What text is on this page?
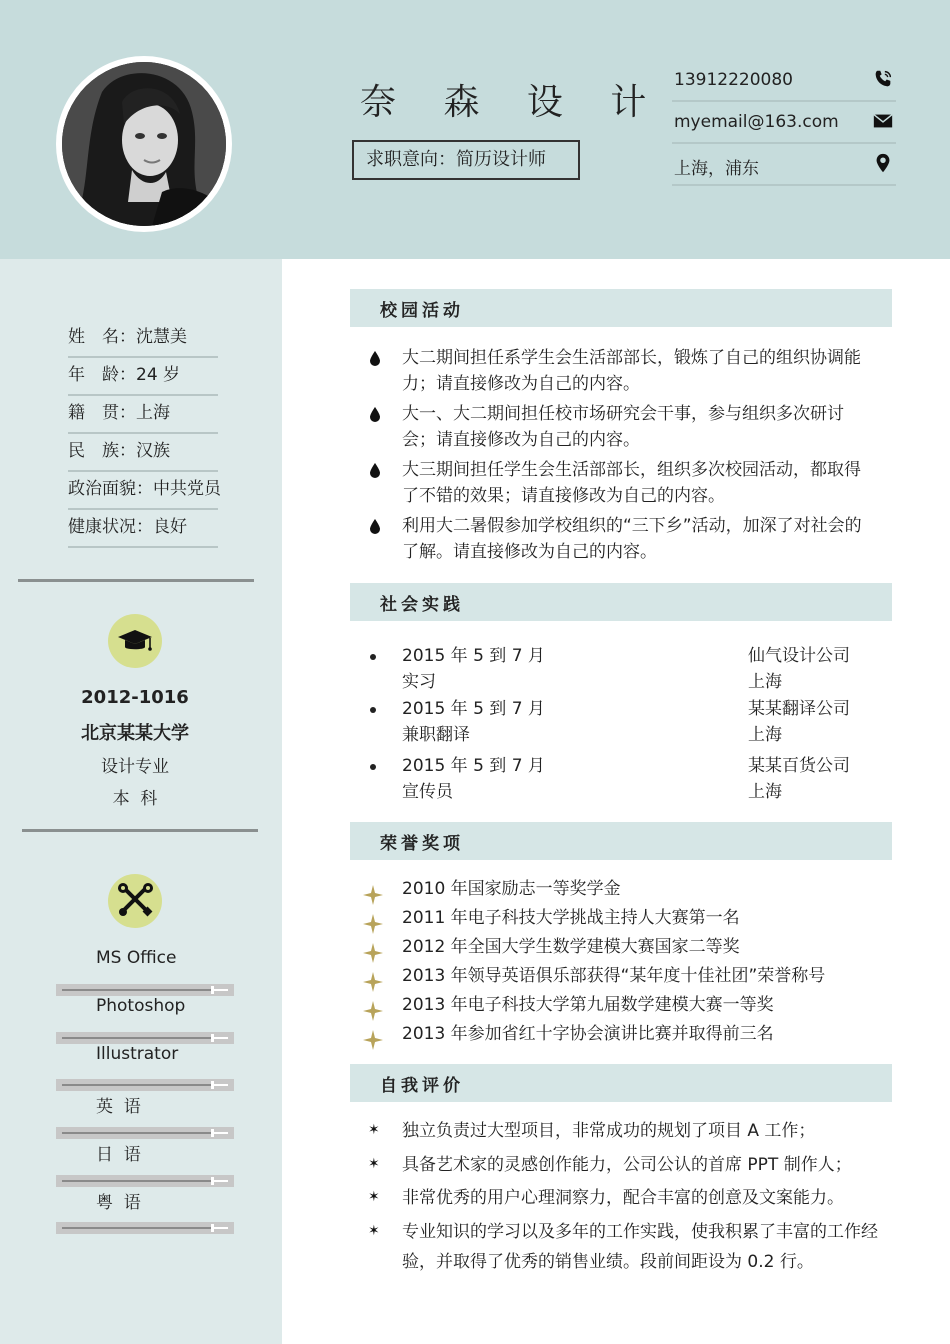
奈 森 设 计
求职意向：简历设计师
13912220080
myemail@163.com
上海，浦东
姓　名：沈慧美
年　龄：24 岁
籍　贯：上海
民　族：汉族
政治面貌：中共党员
健康状况：良好
2012-1016
北京某某大学
设计专业
本  科
MS Office
Photoshop
Illustrator
英  语
日  语
粤  语
校园活动
大二期间担任系学生会生活部部长，锻炼了自己的组织协调能力；请直接修改为自己的内容。
大一、大二期间担任校市场研究会干事，参与组织多次研讨会；请直接修改为自己的内容。
大三期间担任学生会生活部部长，组织多次校园活动，都取得了不错的效果；请直接修改为自己的内容。
利用大二暑假参加学校组织的“三下乡”活动，加深了对社会的了解。请直接修改为自己的内容。
社会实践
2015 年 5 到 7 月
实习
仙气设计公司
上海
2015 年 5 到 7 月
兼职翻译
某某翻译公司
上海
2015 年 5 到 7 月
宣传员
某某百货公司
上海
荣誉奖项
2010 年国家励志一等奖学金
2011 年电子科技大学挑战主持人大赛第一名
2012 年全国大学生数学建模大赛国家二等奖
2013 年领导英语俱乐部获得“某年度十佳社团”荣誉称号
2013 年电子科技大学第九届数学建模大赛一等奖
2013 年参加省红十字协会演讲比赛并取得前三名
自我评价
✶ 独立负责过大型项目，非常成功的规划了项目 A 工作；
✶ 具备艺术家的灵感创作能力，公司公认的首席 PPT 制作人；
✶ 非常优秀的用户心理洞察力，配合丰富的创意及文案能力。
✶ 专业知识的学习以及多年的工作实践，使我积累了丰富的工作经验，并取得了优秀的销售业绩。段前间距设为 0.2 行。
